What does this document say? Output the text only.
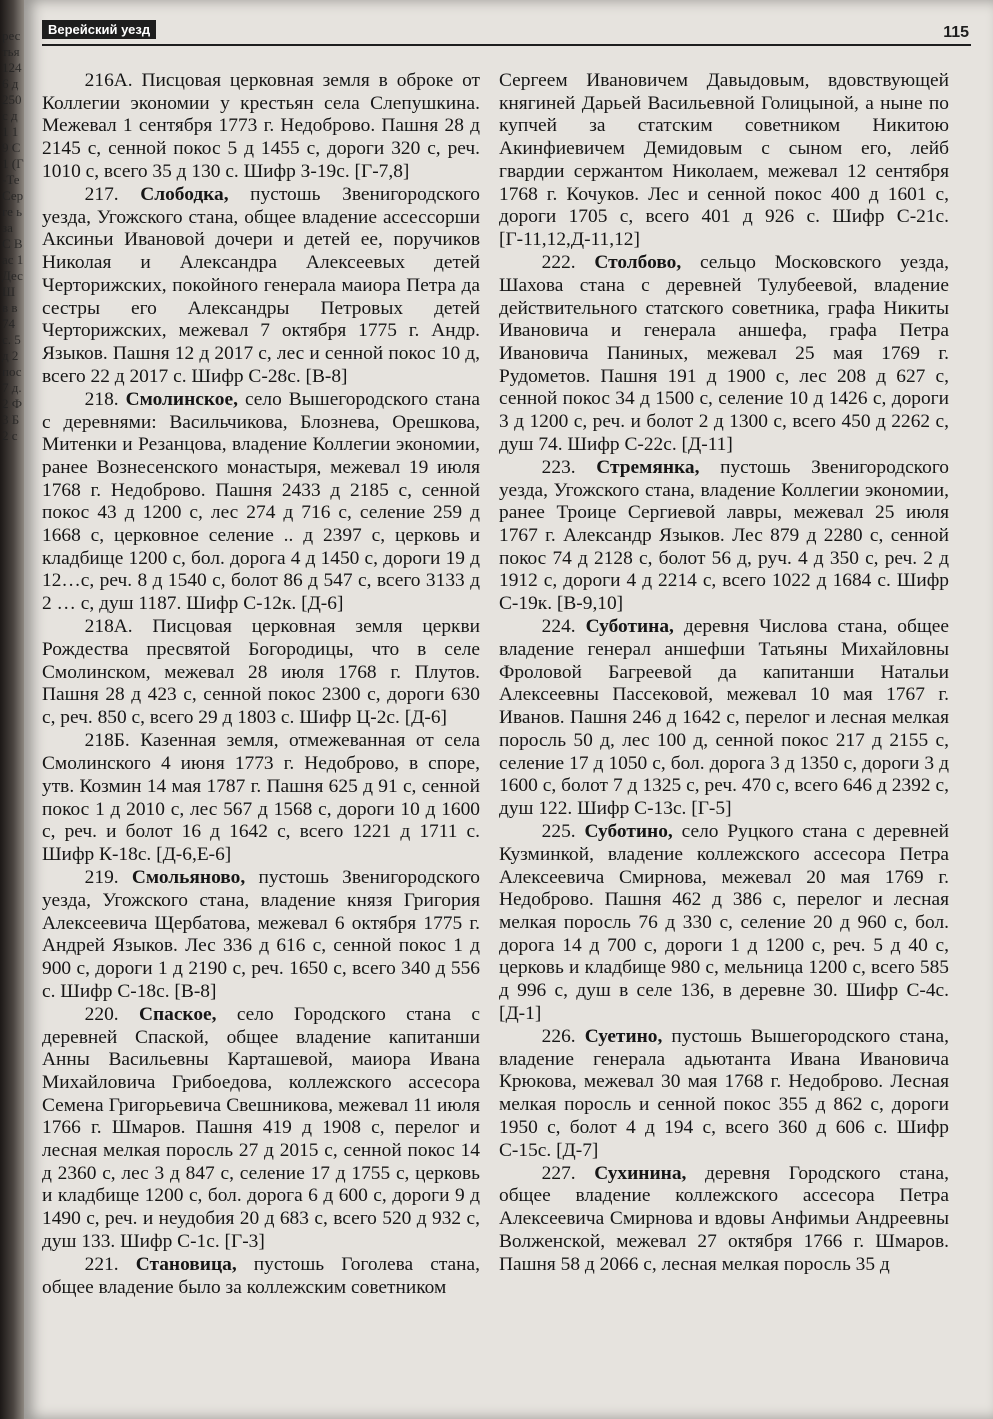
рестья 1246 д 250 с д 1 19 С 1 (Г-Те Серге ь за С Вас 1 Дес Ш в в 74 с. 5 д 2 пос 7 д. 2 Ф 3 Б 2 с
Верейский уезд	115

216А. Писцовая церковная земля в оброке от Коллегии экономии у крестьян села Слепушкина. Межевал 1 сентября 1773 г. Недоброво. Пашня 28 д 2145 с, сенной покос 5 д 1455 с, дороги 320 с, реч. 1010 с, всего 35 д 130 с. Шифр З-19с. [Г-7,8]

217. Слободка, пустошь Звенигородского уезда, Угожского стана, общее владение ассессорши Аксиньи Ивановой дочери и детей ее, поручиков Николая и Александра Алексеевых детей Черторижских, покойного генерала маиора Петра да сестры его Александры Петровых детей Черторижских, межевал 7 октября 1775 г. Андр. Языков. Пашня 12 д 2017 с, лес и сенной покос 10 д, всего 22 д 2017 с. Шифр С-28с. [В-8]

218. Смолинское, село Вышегородского стана с деревнями: Васильчикова, Блознева, Орешкова, Митенки и Резанцова, владение Коллегии экономии, ранее Вознесенского монастыря, межевал 19 июля 1768 г. Недоброво. Пашня 2433 д 2185 с, сенной покос 43 д 1200 с, лес 274 д 716 с, селение 259 д 1668 с, церковное селение .. д 2397 с, церковь и кладбище 1200 с, бол. дорога 4 д 1450 с, дороги 19 д 12…с, реч. 8 д 1540 с, болот 86 д 547 с, всего 3133 д 2 … с, душ 1187. Шифр С-12к. [Д-6]

218А. Писцовая церковная земля церкви Рождества пресвятой Богородицы, что в селе Смолинском, межевал 28 июля 1768 г. Плутов. Пашня 28 д 423 с, сенной покос 2300 с, дороги 630 с, реч. 850 с, всего 29 д 1803 с. Шифр Ц-2с. [Д-6]

218Б. Казенная земля, отмежеванная от села Смолинского 4 июня 1773 г. Недоброво, в споре, утв. Козмин 14 мая 1787 г. Пашня 625 д 91 с, сенной покос 1 д 2010 с, лес 567 д 1568 с, дороги 10 д 1600 с, реч. и болот 16 д 1642 с, всего 1221 д 1711 с. Шифр К-18с. [Д-6,Е-6]

219. Смольяново, пустошь Звенигородского уезда, Угожского стана, владение князя Григория Алексеевича Щербатова, межевал 6 октября 1775 г. Андрей Языков. Лес 336 д 616 с, сенной покос 1 д 900 с, дороги 1 д 2190 с, реч. 1650 с, всего 340 д 556 с. Шифр С-18с. [В-8]

220. Спаское, село Городского стана с деревней Спаской, общее владение капитанши Анны Васильевны Карташевой, маиора Ивана Михайловича Грибоедова, коллежского ассесора Семена Григорьевича Свешникова, межевал 11 июля 1766 г. Шмаров. Пашня 419 д 1908 с, перелог и лесная мелкая поросль 27 д 2015 с, сенной покос 14 д 2360 с, лес 3 д 847 с, селение 17 д 1755 с, церковь и кладбище 1200 с, бол. дорога 6 д 600 с, дороги 9 д 1490 с, реч. и неудобия 20 д 683 с, всего 520 д 932 с, душ 133. Шифр С-1с. [Г-3]

221. Становица, пустошь Гоголева стана, общее владение было за коллежским советником

Сергеем Ивановичем Давыдовым, вдовствующей княгиней Дарьей Васильевной Голицыной, а ныне по купчей за статским советником Никитою Акинфиевичем Демидовым с сыном его, лейб гвардии сержантом Николаем, межевал 12 сентября 1768 г. Кочуков. Лес и сенной покос 400 д 1601 с, дороги 1705 с, всего 401 д 926 с. Шифр С-21с. [Г-11,12,Д-11,12]

222. Столбово, сельцо Московского уезда, Шахова стана с деревней Тулубеевой, владение действительного статского советника, графа Никиты Ивановича и генерала аншефа, графа Петра Ивановича Паниных, межевал 25 мая 1769 г. Рудометов. Пашня 191 д 1900 с, лес 208 д 627 с, сенной покос 34 д 1500 с, селение 10 д 1426 с, дороги 3 д 1200 с, реч. и болот 2 д 1300 с, всего 450 д 2262 с, душ 74. Шифр С-22с. [Д-11]

223. Стремянка, пустошь Звенигородского уезда, Угожского стана, владение Коллегии экономии, ранее Троице Сергиевой лавры, межевал 25 июля 1767 г. Александр Языков. Лес 879 д 2280 с, сенной покос 74 д 2128 с, болот 56 д, руч. 4 д 350 с, реч. 2 д 1912 с, дороги 4 д 2214 с, всего 1022 д 1684 с. Шифр С-19к. [В-9,10]

224. Суботина, деревня Числова стана, общее владение генерал аншефши Татьяны Михайловны Фроловой Багреевой да капитанши Натальи Алексеевны Пассековой, межевал 10 мая 1767 г. Иванов. Пашня 246 д 1642 с, перелог и лесная мелкая поросль 50 д, лес 100 д, сенной покос 217 д 2155 с, селение 17 д 1050 с, бол. дорога 3 д 1350 с, дороги 3 д 1600 с, болот 7 д 1325 с, реч. 470 с, всего 646 д 2392 с, душ 122. Шифр С-13с. [Г-5]

225. Суботино, село Руцкого стана с деревней Кузминкой, владение коллежского ассесора Петра Алексеевича Смирнова, межевал 20 мая 1769 г. Недоброво. Пашня 462 д 386 с, перелог и лесная мелкая поросль 76 д 330 с, селение 20 д 960 с, бол. дорога 14 д 700 с, дороги 1 д 1200 с, реч. 5 д 40 с, церковь и кладбище 980 с, мельница 1200 с, всего 585 д 996 с, душ в селе 136, в деревне 30. Шифр С-4с. [Д-1]

226. Суетино, пустошь Вышегородского стана, владение генерала адьютанта Ивана Ивановича Крюкова, межевал 30 мая 1768 г. Недоброво. Лесная мелкая поросль и сенной покос 355 д 862 с, дороги 1950 с, болот 4 д 194 с, всего 360 д 606 с. Шифр С-15с. [Д-7]

227. Сухинина, деревня Городского стана, общее владение коллежского ассесора Петра Алексеевича Смирнова и вдовы Анфимьи Андреевны Волженской, межевал 27 октября 1766 г. Шмаров. Пашня 58 д 2066 с, лесная мелкая поросль 35 д
